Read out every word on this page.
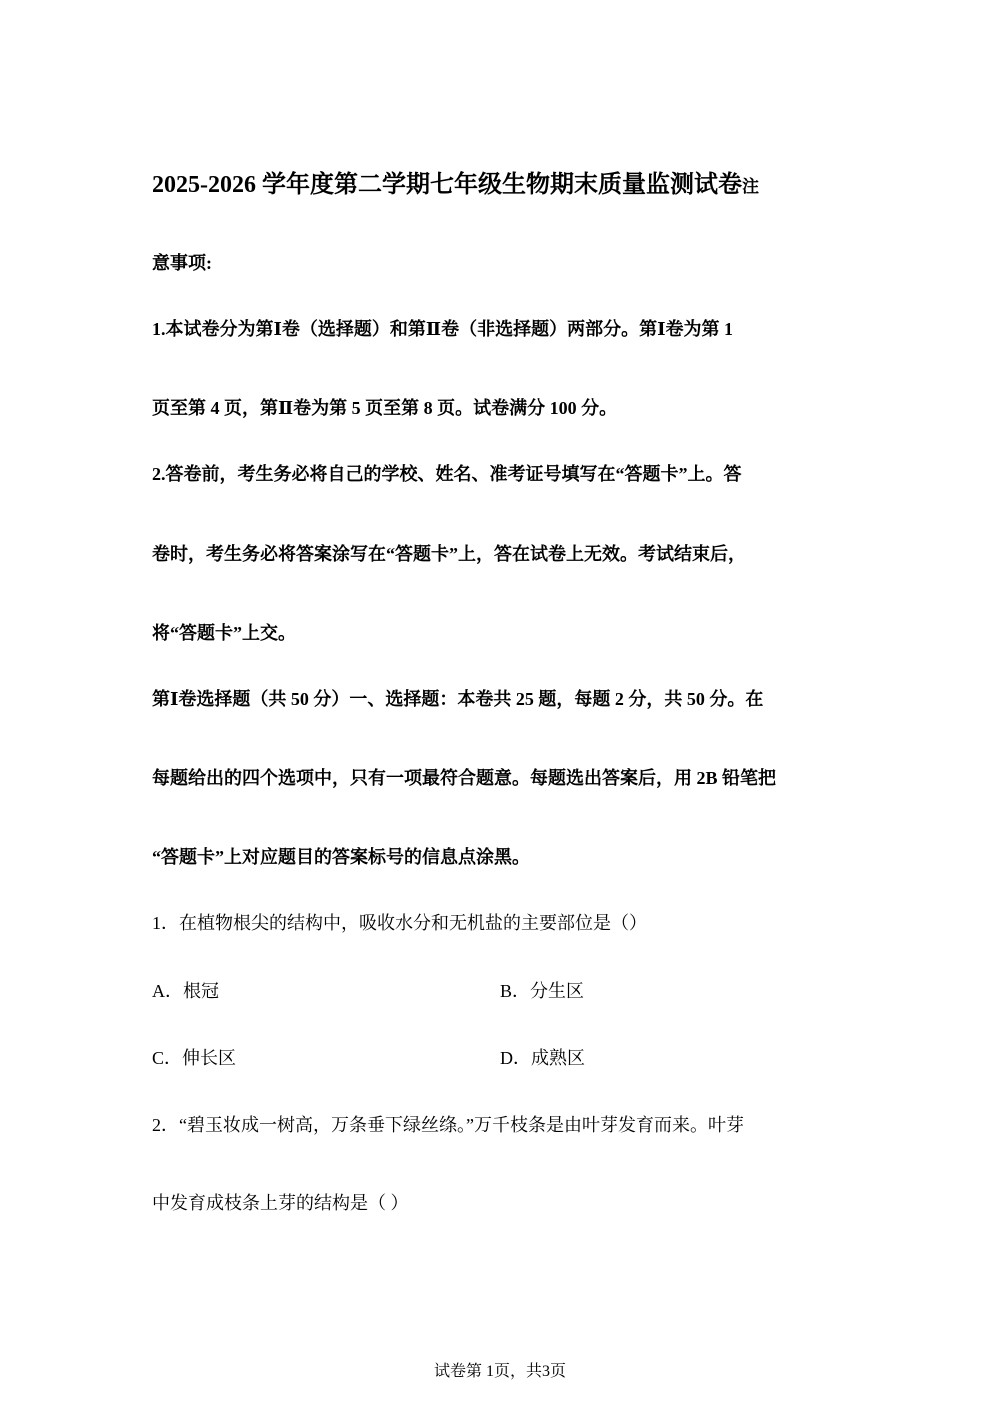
2025-2026 学年度第二学期七年级生物期末质量监测试卷注
意事项:
1.本试卷分为第Ⅰ卷（选择题）和第Ⅱ卷（非选择题）两部分。第Ⅰ卷为第 1
页至第 4 页，第Ⅱ卷为第 5 页至第 8 页。试卷满分 100 分。
2.答卷前，考生务必将自己的学校、姓名、准考证号填写在“答题卡”上。答
卷时，考生务必将答案涂写在“答题卡”上，答在试卷上无效。考试结束后，
将“答题卡”上交。
第Ⅰ卷选择题（共 50 分）一、选择题：本卷共 25 题，每题 2 分，共 50 分。在
每题给出的四个选项中，只有一项最符合题意。每题选出答案后，用 2B 铅笔把
“答题卡”上对应题目的答案标号的信息点涂黑。
1．在植物根尖的结构中，吸收水分和无机盐的主要部位是（）
A．根冠	B．分生区
C．伸长区	D．成熟区
2．“碧玉妆成一树高，万条垂下绿丝绦。”万千枝条是由叶芽发育而来。叶芽
中发育成枝条上芽的结构是（ ）
试卷第 1页，共3页
